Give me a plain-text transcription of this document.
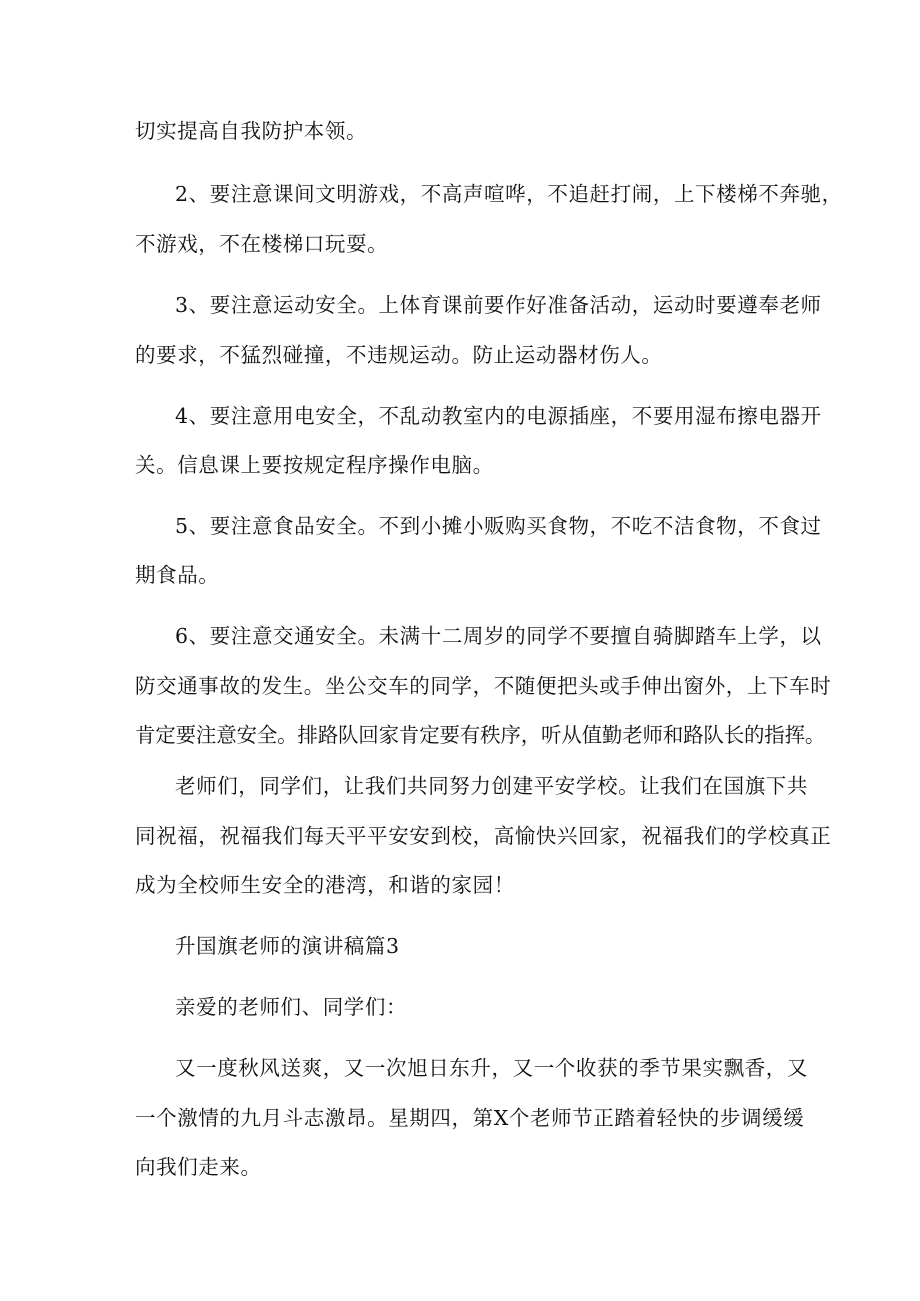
切实提高自我防护本领。

2、要注意课间文明游戏，不高声喧哗，不追赶打闹，上下楼梯不奔驰，

不游戏，不在楼梯口玩耍。

3、要注意运动安全。上体育课前要作好准备活动，运动时要遵奉老师

的要求，不猛烈碰撞，不违规运动。防止运动器材伤人。

4、要注意用电安全，不乱动教室内的电源插座，不要用湿布擦电器开

关。信息课上要按规定程序操作电脑。

5、要注意食品安全。不到小摊小贩购买食物，不吃不洁食物，不食过

期食品。

6、要注意交通安全。未满十二周岁的同学不要擅自骑脚踏车上学，以

防交通事故的发生。坐公交车的同学，不随便把头或手伸出窗外，上下车时

肯定要注意安全。排路队回家肯定要有秩序，听从值勤老师和路队长的指挥。

老师们，同学们，让我们共同努力创建平安学校。让我们在国旗下共

同祝福，祝福我们每天平平安安到校，高愉快兴回家，祝福我们的学校真正

成为全校师生安全的港湾，和谐的家园！

升国旗老师的演讲稿篇3

亲爱的老师们、同学们：

又一度秋风送爽，又一次旭日东升，又一个收获的季节果实飘香，又

一个激情的九月斗志激昂。星期四，第X个老师节正踏着轻快的步调缓缓

向我们走来。
